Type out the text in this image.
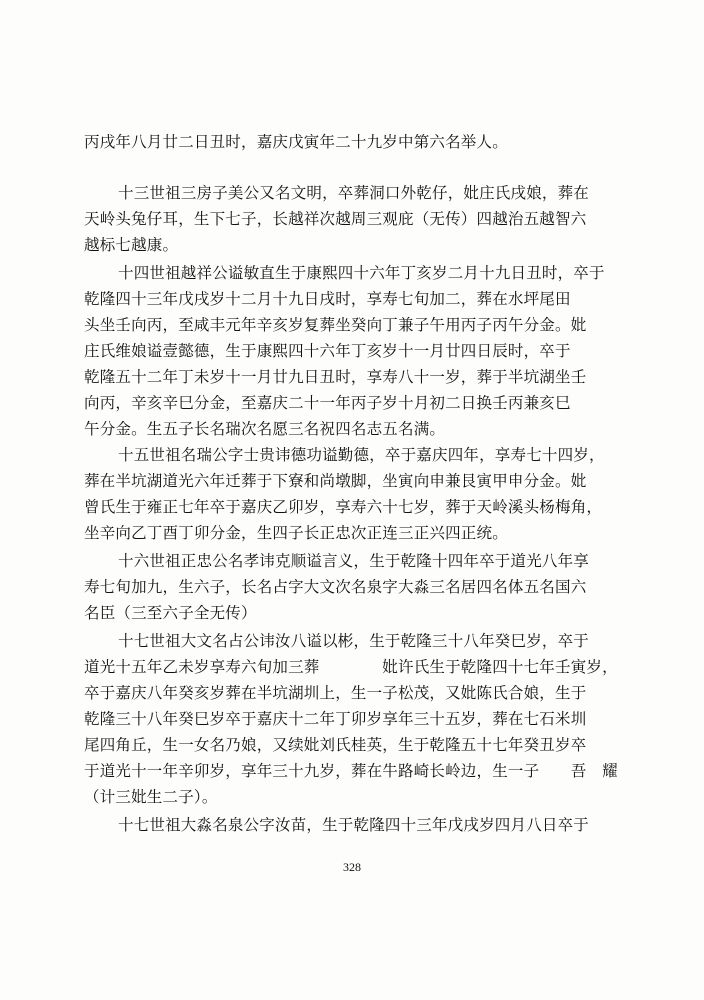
丙戌年八月廿二日丑时，嘉庆戊寅年二十九岁中第六名举人。
十三世祖三房子美公又名文明，卒葬洞口外乾仔，妣庄氏戌娘，葬在
天岭头兔仔耳，生下七子，长越祥次越周三观庇（无传）四越治五越智六
越标七越康。
十四世祖越祥公谥敏直生于康熙四十六年丁亥岁二月十九日丑时，卒于
乾隆四十三年戊戌岁十二月十九日戌时，享寿七旬加二，葬在水坪尾田
头坐壬向丙，至咸丰元年辛亥岁复葬坐癸向丁兼子午用丙子丙午分金。妣
庄氏维娘谥壹懿德，生于康熙四十六年丁亥岁十一月廿四日辰时，卒于
乾隆五十二年丁未岁十一月廿九日丑时，享寿八十一岁，葬于半坑湖坐壬
向丙，辛亥辛巳分金，至嘉庆二十一年丙子岁十月初二日换壬丙兼亥巳
午分金。生五子长名瑞次名愿三名祝四名志五名满。
十五世祖名瑞公字士贵讳德功谥勤德，卒于嘉庆四年，享寿七十四岁，
葬在半坑湖道光六年迁葬于下寮和尚墩脚，坐寅向申兼艮寅甲申分金。妣
曾氏生于雍正七年卒于嘉庆乙卯岁，享寿六十七岁，葬于天岭溪头杨梅角，
坐辛向乙丁酉丁卯分金，生四子长正忠次正连三正兴四正统。
十六世祖正忠公名孝讳克顺谥言义，生于乾隆十四年卒于道光八年享
寿七旬加九，生六子，长名占字大文次名泉字大淼三名居四名体五名国六
名臣（三至六子全无传）
十七世祖大文名占公讳汝八谥以彬，生于乾隆三十八年癸巳岁，卒于
道光十五年乙未岁享寿六旬加三葬　　　　妣许氏生于乾隆四十七年壬寅岁，
卒于嘉庆八年癸亥岁葬在半坑湖圳上，生一子松茂，又妣陈氏合娘，生于
乾隆三十八年癸巳岁卒于嘉庆十二年丁卯岁享年三十五岁，葬在七石米圳
尾四角丘，生一女名乃娘，又续妣刘氏桂英，生于乾隆五十七年癸丑岁卒
于道光十一年辛卯岁，享年三十九岁，葬在牛路崎长岭边，生一子　　吾　耀
（计三妣生二子）。
十七世祖大淼名泉公字汝苗，生于乾隆四十三年戊戌岁四月八日卒于
328
